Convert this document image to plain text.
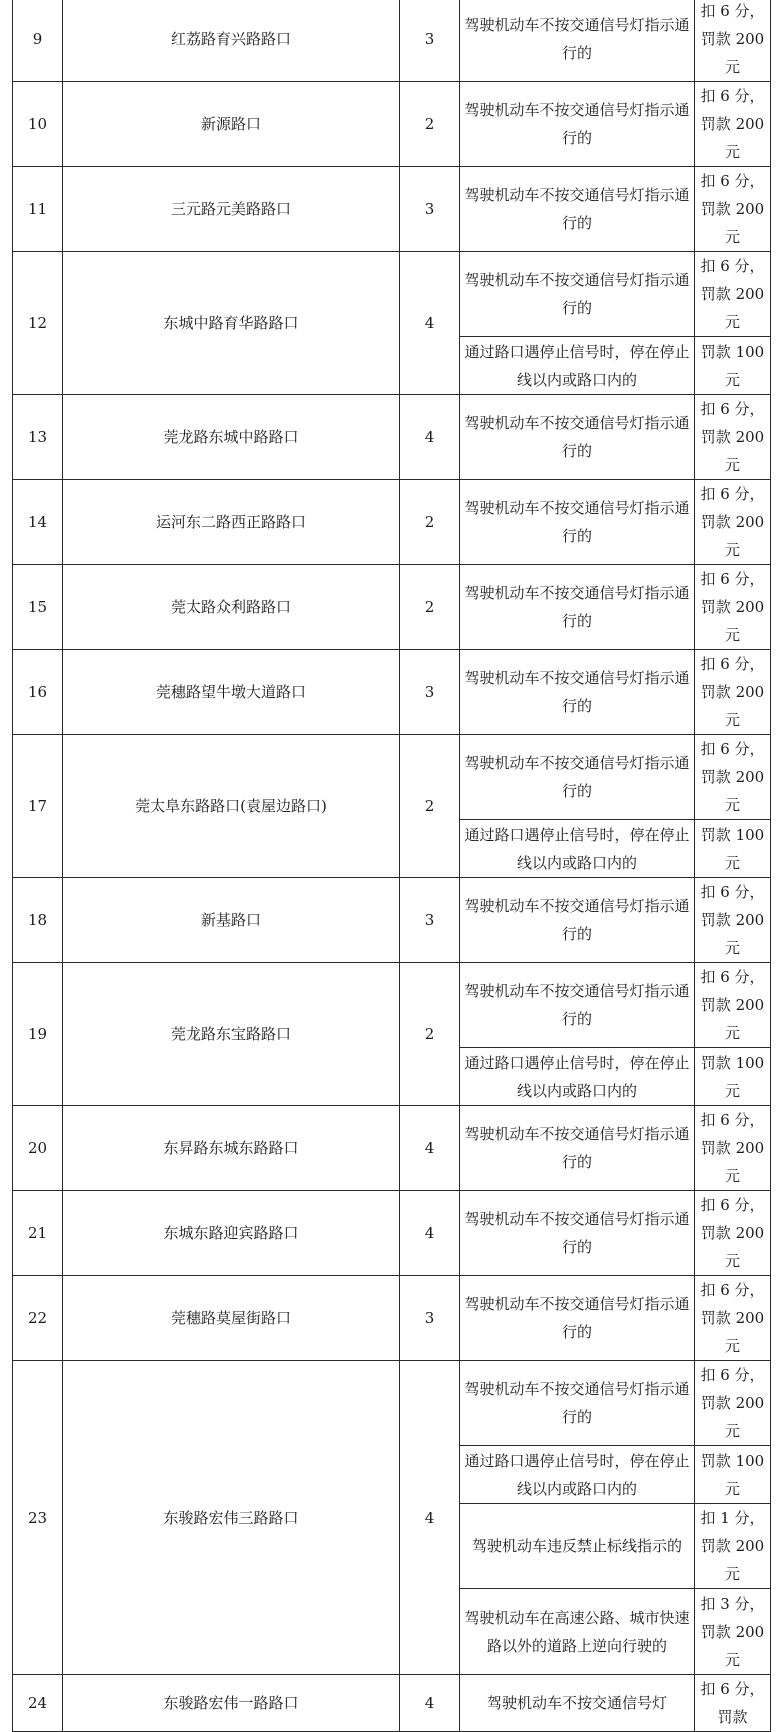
9	红荔路育兴路路口	3	驾驶机动车不按交通信号灯指示通行的	扣 6 分，罚款 200 元
10	新源路口	2	驾驶机动车不按交通信号灯指示通行的	扣 6 分，罚款 200 元
11	三元路元美路路口	3	驾驶机动车不按交通信号灯指示通行的	扣 6 分，罚款 200 元
12	东城中路育华路路口	4	驾驶机动车不按交通信号灯指示通行的	扣 6 分，罚款 200 元
			通过路口遇停止信号时，停在停止线以内或路口内的	罚款 100 元
13	莞龙路东城中路路口	4	驾驶机动车不按交通信号灯指示通行的	扣 6 分，罚款 200 元
14	运河东二路西正路路口	2	驾驶机动车不按交通信号灯指示通行的	扣 6 分，罚款 200 元
15	莞太路众利路路口	2	驾驶机动车不按交通信号灯指示通行的	扣 6 分，罚款 200 元
16	莞穗路望牛墩大道路口	3	驾驶机动车不按交通信号灯指示通行的	扣 6 分，罚款 200 元
17	莞太阜东路路口(袁屋边路口)	2	驾驶机动车不按交通信号灯指示通行的	扣 6 分，罚款 200 元
			通过路口遇停止信号时，停在停止线以内或路口内的	罚款 100 元
18	新基路口	3	驾驶机动车不按交通信号灯指示通行的	扣 6 分，罚款 200 元
19	莞龙路东宝路路口	2	驾驶机动车不按交通信号灯指示通行的	扣 6 分，罚款 200 元
			通过路口遇停止信号时，停在停止线以内或路口内的	罚款 100 元
20	东昇路东城东路路口	4	驾驶机动车不按交通信号灯指示通行的	扣 6 分，罚款 200 元
21	东城东路迎宾路路口	4	驾驶机动车不按交通信号灯指示通行的	扣 6 分，罚款 200 元
22	莞穗路莫屋街路口	3	驾驶机动车不按交通信号灯指示通行的	扣 6 分，罚款 200 元
23	东骏路宏伟三路路口	4	驾驶机动车不按交通信号灯指示通行的	扣 6 分，罚款 200 元
			通过路口遇停止信号时，停在停止线以内或路口内的	罚款 100 元
			驾驶机动车违反禁止标线指示的	扣 1 分，罚款 200 元
			驾驶机动车在高速公路、城市快速路以外的道路上逆向行驶的	扣 3 分，罚款 200 元
24	东骏路宏伟一路路口	4	驾驶机动车不按交通信号灯	扣 6 分，罚款
